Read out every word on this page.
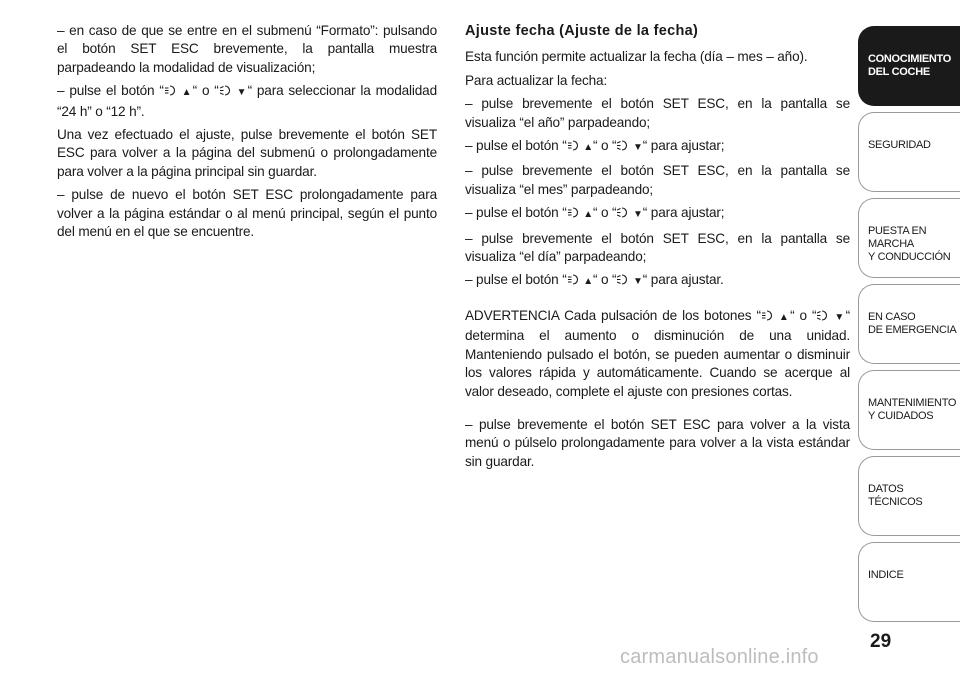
– en caso de que se entre en el submenú “Formato”: pulsando el botón SET ESC brevemente, la pantalla muestra parpadeando la modalidad de visualización;

– pulse el botón “ ▲“ o “ ▼“ para seleccionar la modalidad “24 h” o “12 h”.

Una vez efectuado el ajuste, pulse brevemente el botón SET ESC para volver a la página del submenú o prolongadamente para volver a la página principal sin guardar.

– pulse de nuevo el botón SET ESC prolongadamente para volver a la página estándar o al menú principal, según el punto del menú en el que se encuentre.

Ajuste fecha (Ajuste de la fecha)

Esta función permite actualizar la fecha (día – mes – año).

Para actualizar la fecha:

– pulse brevemente el botón SET ESC, en la pantalla se visualiza “el año” parpadeando;

– pulse el botón “ ▲“ o “ ▼“ para ajustar;

– pulse brevemente el botón SET ESC, en la pantalla se visualiza “el mes” parpadeando;

– pulse el botón “ ▲“ o “ ▼“ para ajustar;

– pulse brevemente el botón SET ESC, en la pantalla se visualiza “el día” parpadeando;

– pulse el botón “ ▲“ o “ ▼“ para ajustar.

ADVERTENCIA Cada pulsación de los botones “ ▲“ o “ ▼“ determina el aumento o disminución de una unidad. Manteniendo pulsado el botón, se pueden aumentar o disminuir los valores rápida y automáticamente. Cuando se acerque al valor deseado, complete el ajuste con presiones cortas.

– pulse brevemente el botón SET ESC para volver a la vista menú o púlselo prolongadamente para volver a la vista estándar sin guardar.

CONOCIMIENTO
DEL COCHE
SEGURIDAD
PUESTA EN MARCHA
Y CONDUCCIÓN
EN CASO
DE EMERGENCIA
MANTENIMIENTO
Y CUIDADOS
DATOS TÉCNICOS
INDICE
29
carmanualsonline.info
